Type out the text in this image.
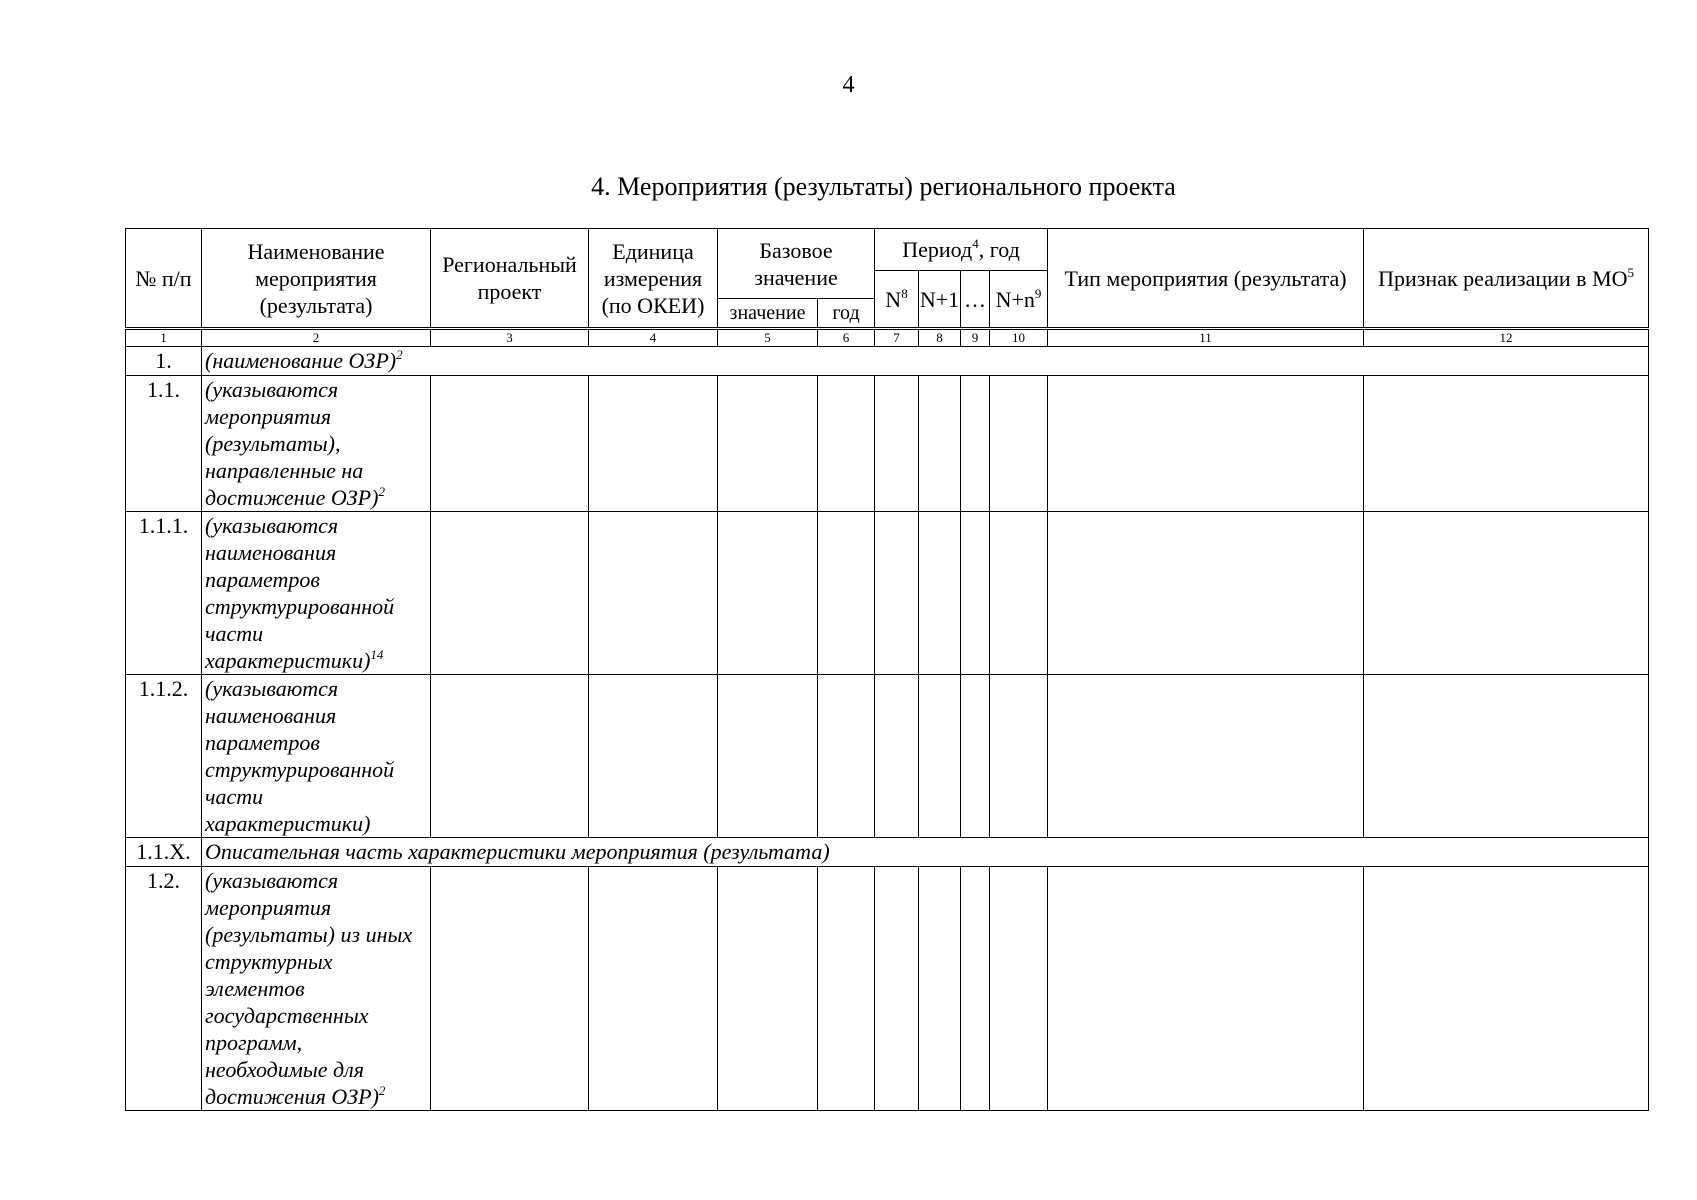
4
4. Мероприятия (результаты) регионального проекта
№ п/п	Наименование мероприятия (результата)	Региональный проект	Единица измерения (по ОКЕИ)	Базовое значение		Период$^4$, год				Тип мероприятия (результата)	Признак реализации в $МО^5$
						$N^8$	N+1	…	$N+n^9$
				значение	год						
1	2	3	4	5	6	7	8	9	10	11	12
1.	(наименование ОЗР)$^2$
1.1.	(указываются мероприятия (результаты), направленные на достижение ОЗР)$^2$										
1.1.1.	(указываются наименования параметров структурированной части характеристики)$^{14}$										
1.1.2.	(указываются наименования параметров структурированной части характеристики)										
1.1.X.	Описательная часть характеристики мероприятия (результата)										
1.2.	(указываются мероприятия (результаты) из иных структурных элементов государственных программ, необходимые для достижения ОЗР)$^2$										
